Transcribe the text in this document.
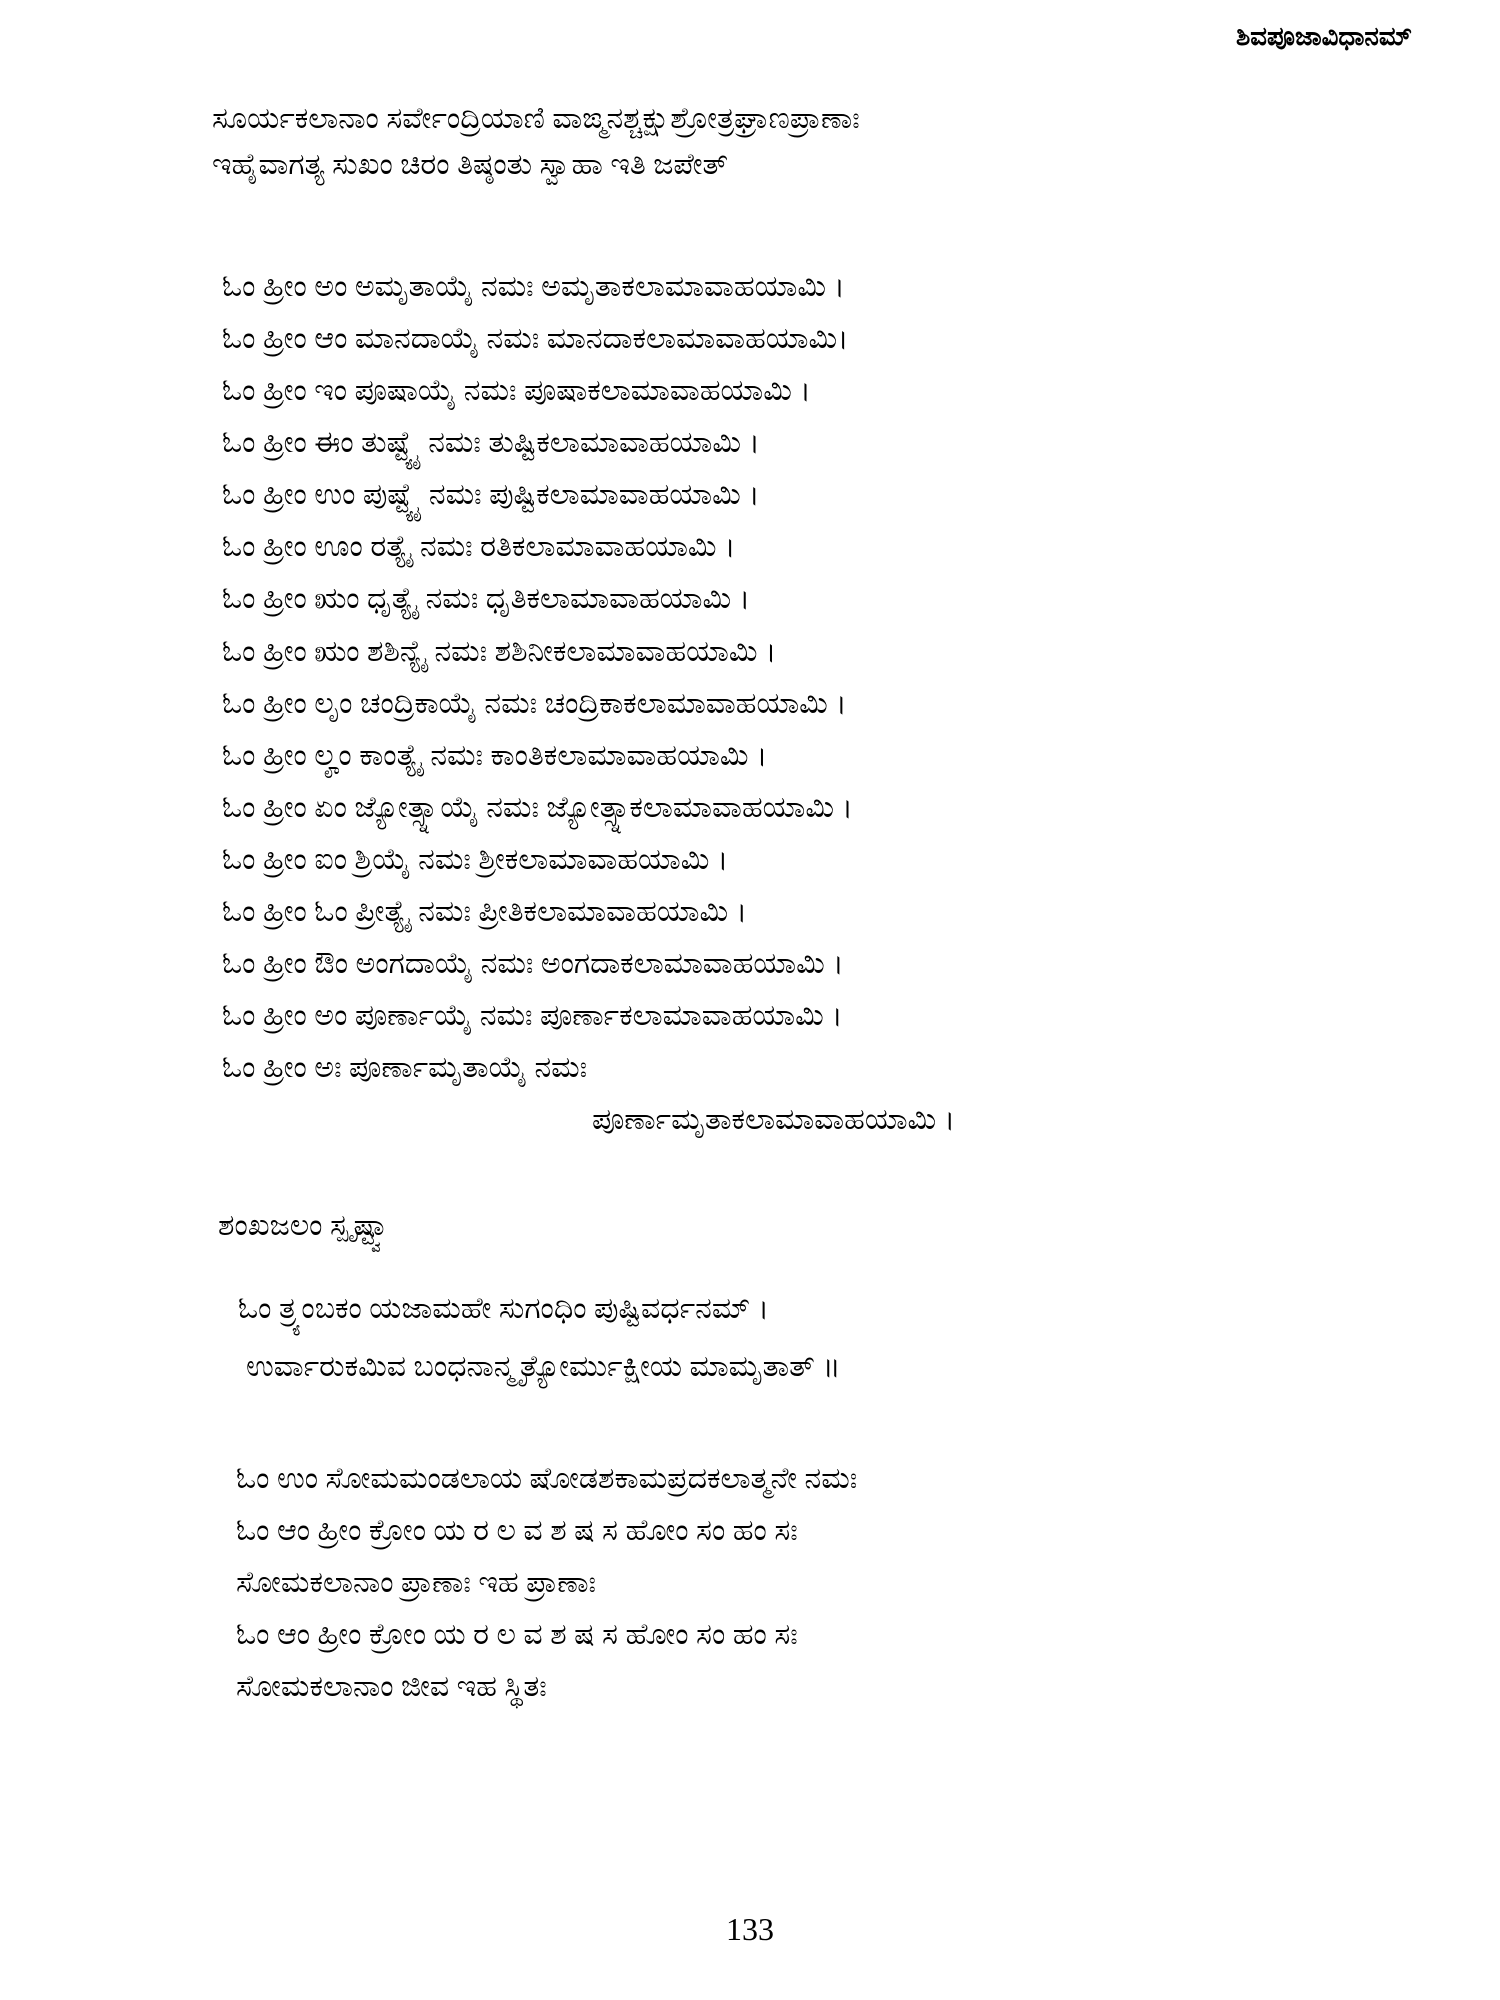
ಶಿವಪೂಜಾವಿಧಾನಮ್
ಸೂರ್ಯಕಲಾನಾಂ ಸರ್ವೇಂದ್ರಿಯಾಣಿ ವಾಙ್ಮನಶ್ಚಕ್ಷುಶ್ರೋತ್ರಘ್ರಾಣಪ್ರಾಣಾಃ
ಇಹೈವಾಗತ್ಯ ಸುಖಂ ಚಿರಂ ತಿಷ್ಠಂತು ಸ್ವಾಹಾ ಇತಿ ಜಪೇತ್
ಓಂ ಹ್ರೀಂ ಅಂ ಅಮೃತಾಯೈ ನಮಃ ಅಮೃತಾಕಲಾಮಾವಾಹಯಾಮಿ ।
ಓಂ ಹ್ರೀಂ ಆಂ ಮಾನದಾಯೈ ನಮಃ ಮಾನದಾಕಲಾಮಾವಾಹಯಾಮಿ।
ಓಂ ಹ್ರೀಂ ಇಂ ಪೂಷಾಯೈ ನಮಃ ಪೂಷಾಕಲಾಮಾವಾಹಯಾಮಿ ।
ಓಂ ಹ್ರೀಂ ಈಂ ತುಷ್ಟ್ಯೈ ನಮಃ ತುಷ್ಟಿಕಲಾಮಾವಾಹಯಾಮಿ ।
ಓಂ ಹ್ರೀಂ ಉಂ ಪುಷ್ಟ್ಯೈ ನಮಃ ಪುಷ್ಟಿಕಲಾಮಾವಾಹಯಾಮಿ ।
ಓಂ ಹ್ರೀಂ ಊಂ ರತ್ಯೈ ನಮಃ ರತಿಕಲಾಮಾವಾಹಯಾಮಿ ।
ಓಂ ಹ್ರೀಂ ಋಂ ಧೃತ್ಯೈ ನಮಃ ಧೃತಿಕಲಾಮಾವಾಹಯಾಮಿ ।
ಓಂ ಹ್ರೀಂ ಋಂ ಶಶಿನ್ಯೈ ನಮಃ ಶಶಿನೀಕಲಾಮಾವಾಹಯಾಮಿ ।
ಓಂ ಹ್ರೀಂ ಲೃಂ ಚಂದ್ರಿಕಾಯೈ ನಮಃ ಚಂದ್ರಿಕಾಕಲಾಮಾವಾಹಯಾಮಿ ।
ಓಂ ಹ್ರೀಂ ಲೄಂ ಕಾಂತ್ಯೈ ನಮಃ ಕಾಂತಿಕಲಾಮಾವಾಹಯಾಮಿ ।
ಓಂ ಹ್ರೀಂ ಏಂ ಜ್ಯೋತ್ಸ್ನಾಯೈ ನಮಃ ಜ್ಯೋತ್ಸ್ನಾಕಲಾಮಾವಾಹಯಾಮಿ ।
ಓಂ ಹ್ರೀಂ ಐಂ ಶ್ರಿಯೈ ನಮಃ ಶ್ರೀಕಲಾಮಾವಾಹಯಾಮಿ ।
ಓಂ ಹ್ರೀಂ ಓಂ ಪ್ರೀತ್ಯೈ ನಮಃ ಪ್ರೀತಿಕಲಾಮಾವಾಹಯಾಮಿ ।
ಓಂ ಹ್ರೀಂ ಔಂ ಅಂಗದಾಯೈ ನಮಃ ಅಂಗದಾಕಲಾಮಾವಾಹಯಾಮಿ ।
ಓಂ ಹ್ರೀಂ ಅಂ ಪೂರ್ಣಾಯೈ ನಮಃ ಪೂರ್ಣಾಕಲಾಮಾವಾಹಯಾಮಿ ।
ಓಂ ಹ್ರೀಂ ಅಃ ಪೂರ್ಣಾಮೃತಾಯೈ ನಮಃ
ಪೂರ್ಣಾಮೃತಾಕಲಾಮಾವಾಹಯಾಮಿ ।
ಶಂಖಜಲಂ ಸ್ಪೃಷ್ಟ್ವಾ
ಓಂ ತ್ರ್ಯಂಬಕಂ ಯಜಾಮಹೇ ಸುಗಂಧಿಂ ಪುಷ್ಟಿವರ್ಧನಮ್ ।
ಉರ್ವಾರುಕಮಿವ ಬಂಧನಾನ್ಮೃತ್ಯೋರ್ಮುಕ್ಷೀಯ ಮಾಮೃತಾತ್ ॥
ಓಂ ಉಂ ಸೋಮಮಂಡಲಾಯ ಷೋಡಶಕಾಮಪ್ರದಕಲಾತ್ಮನೇ ನಮಃ
ಓಂ ಆಂ ಹ್ರೀಂ ಕ್ರೋಂ ಯ ರ ಲ ವ ಶ ಷ ಸ ಹೋಂ ಸಂ ಹಂ ಸಃ
ಸೋಮಕಲಾನಾಂ ಪ್ರಾಣಾಃ ಇಹ ಪ್ರಾಣಾಃ
ಓಂ ಆಂ ಹ್ರೀಂ ಕ್ರೋಂ ಯ ರ ಲ ವ ಶ ಷ ಸ ಹೋಂ ಸಂ ಹಂ ಸಃ
ಸೋಮಕಲಾನಾಂ ಜೀವ ಇಹ ಸ್ಥಿತಃ
133
